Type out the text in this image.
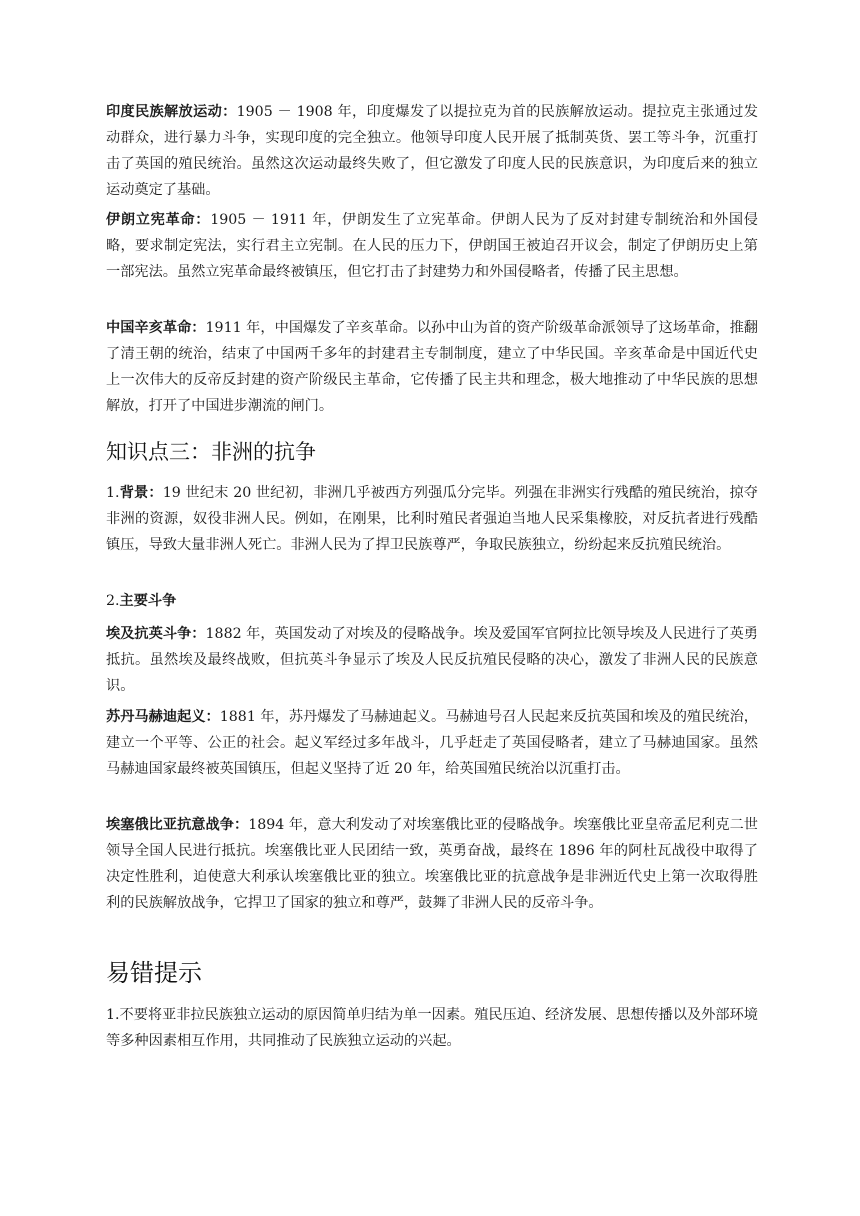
印度民族解放运动：1905 － 1908 年，印度爆发了以提拉克为首的民族解放运动。提拉克主张通过发动群众，进行暴力斗争，实现印度的完全独立。他领导印度人民开展了抵制英货、罢工等斗争，沉重打击了英国的殖民统治。虽然这次运动最终失败了，但它激发了印度人民的民族意识，为印度后来的独立运动奠定了基础。

伊朗立宪革命：1905 － 1911 年，伊朗发生了立宪革命。伊朗人民为了反对封建专制统治和外国侵略，要求制定宪法，实行君主立宪制。在人民的压力下，伊朗国王被迫召开议会，制定了伊朗历史上第一部宪法。虽然立宪革命最终被镇压，但它打击了封建势力和外国侵略者，传播了民主思想。

中国辛亥革命：1911 年，中国爆发了辛亥革命。以孙中山为首的资产阶级革命派领导了这场革命，推翻了清王朝的统治，结束了中国两千多年的封建君主专制制度，建立了中华民国。辛亥革命是中国近代史上一次伟大的反帝反封建的资产阶级民主革命，它传播了民主共和理念，极大地推动了中华民族的思想解放，打开了中国进步潮流的闸门。

知识点三：非洲的抗争

1.背景：19 世纪末 20 世纪初，非洲几乎被西方列强瓜分完毕。列强在非洲实行残酷的殖民统治，掠夺非洲的资源，奴役非洲人民。例如，在刚果，比利时殖民者强迫当地人民采集橡胶，对反抗者进行残酷镇压，导致大量非洲人死亡。非洲人民为了捍卫民族尊严，争取民族独立，纷纷起来反抗殖民统治。

2.主要斗争

埃及抗英斗争：1882 年，英国发动了对埃及的侵略战争。埃及爱国军官阿拉比领导埃及人民进行了英勇抵抗。虽然埃及最终战败，但抗英斗争显示了埃及人民反抗殖民侵略的决心，激发了非洲人民的民族意识。

苏丹马赫迪起义：1881 年，苏丹爆发了马赫迪起义。马赫迪号召人民起来反抗英国和埃及的殖民统治，建立一个平等、公正的社会。起义军经过多年战斗，几乎赶走了英国侵略者，建立了马赫迪国家。虽然马赫迪国家最终被英国镇压，但起义坚持了近 20 年，给英国殖民统治以沉重打击。

埃塞俄比亚抗意战争：1894 年，意大利发动了对埃塞俄比亚的侵略战争。埃塞俄比亚皇帝孟尼利克二世领导全国人民进行抵抗。埃塞俄比亚人民团结一致，英勇奋战，最终在 1896 年的阿杜瓦战役中取得了决定性胜利，迫使意大利承认埃塞俄比亚的独立。埃塞俄比亚的抗意战争是非洲近代史上第一次取得胜利的民族解放战争，它捍卫了国家的独立和尊严，鼓舞了非洲人民的反帝斗争。

易错提示

1.不要将亚非拉民族独立运动的原因简单归结为单一因素。殖民压迫、经济发展、思想传播以及外部环境等多种因素相互作用，共同推动了民族独立运动的兴起。
